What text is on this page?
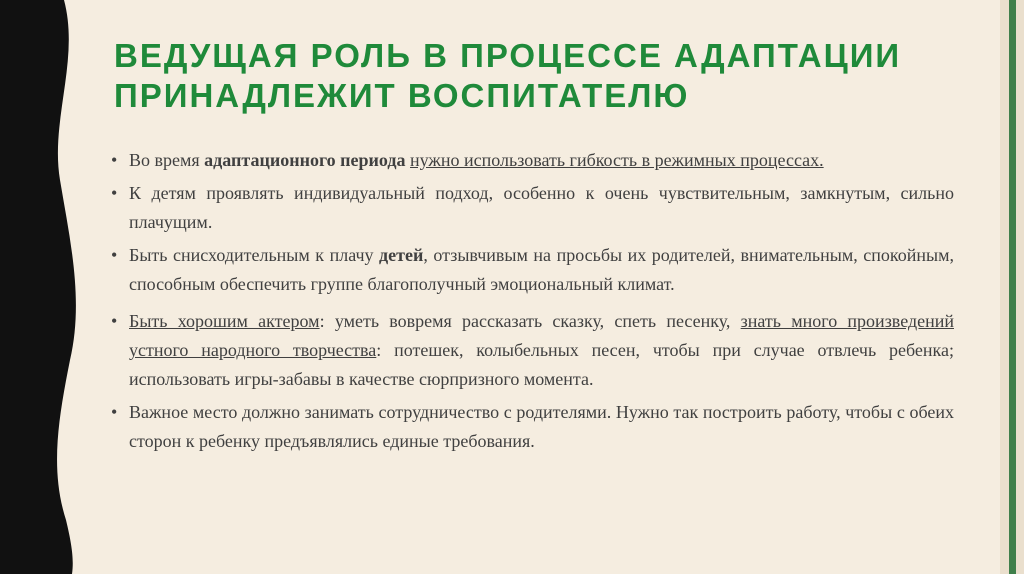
ВЕДУЩАЯ РОЛЬ В ПРОЦЕССЕ АДАПТАЦИИ ПРИНАДЛЕЖИТ ВОСПИТАТЕЛЮ
• Во время адаптационного периода нужно использовать гибкость в режимных процессах.
• К детям проявлять индивидуальный подход, особенно к очень чувствительным, замкнутым, сильно плачущим.
• Быть снисходительным к плачу детей, отзывчивым на просьбы их родителей, внимательным, спокойным, способным обеспечить группе благополучный эмоциональный климат.
• Быть хорошим актером: уметь вовремя рассказать сказку, спеть песенку, знать много произведений устного народного творчества: потешек, колыбельных песен, чтобы при случае отвлечь ребенка; использовать игры-забавы в качестве сюрпризного момента.
• Важное место должно занимать сотрудничество с родителями. Нужно так построить работу, чтобы с обеих сторон к ребенку предъявлялись единые требования.
